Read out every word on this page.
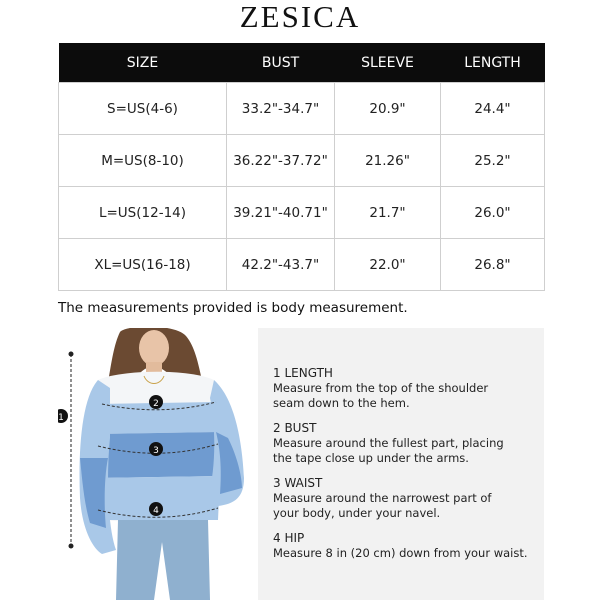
ZESICA
SIZE	BUST	SLEEVE	LENGTH
S=US(4-6)	33.2"-34.7"	20.9"	24.4"
M=US(8-10)	36.22"-37.72"	21.26"	25.2"
L=US(12-14)	39.21"-40.71"	21.7"	26.0"
XL=US(16-18)	42.2"-43.7"	22.0"	26.8"
The measurements provided is body measurement.
1
2
3
4
1 LENGTH
Measure from the top of the shoulder
seam down to the hem.
2 BUST
Measure around the fullest part, placing
the tape close up under the arms.
3 WAIST
Measure around the narrowest part of
your body, under your navel.
4 HIP
Measure 8 in (20 cm) down from your waist.
